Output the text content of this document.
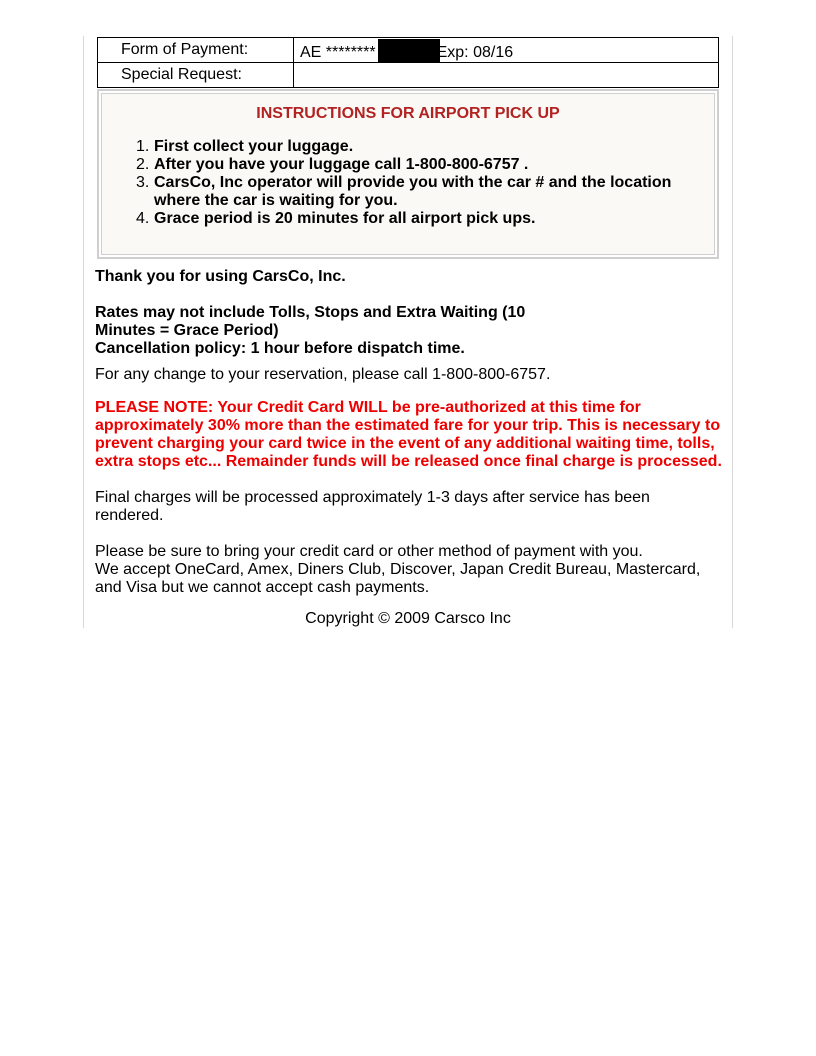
Form of Payment:	AE ******** Exp: 08/16
Special Request:	
INSTRUCTIONS FOR AIRPORT PICK UP
1. First collect your luggage.
2. After you have your luggage call 1-800-800-6757 .
3. CarsCo, Inc operator will provide you with the car # and the location where the car is waiting for you.
4. Grace period is 20 minutes for all airport pick ups.
Thank you for using CarsCo, Inc.
Rates may not include Tolls, Stops and Extra Waiting (10 Minutes = Grace Period)
Cancellation policy: 1 hour before dispatch time.
For any change to your reservation, please call 1-800-800-6757.
PLEASE NOTE: Your Credit Card WILL be pre-authorized at this time for approximately 30% more than the estimated fare for your trip. This is necessary to prevent charging your card twice in the event of any additional waiting time, tolls, extra stops etc... Remainder funds will be released once final charge is processed.
Final charges will be processed approximately 1-3 days after service has been rendered.
Please be sure to bring your credit card or other method of payment with you.
We accept OneCard, Amex, Diners Club, Discover, Japan Credit Bureau, Mastercard, and Visa but we cannot accept cash payments.
Copyright © 2009 Carsco Inc
